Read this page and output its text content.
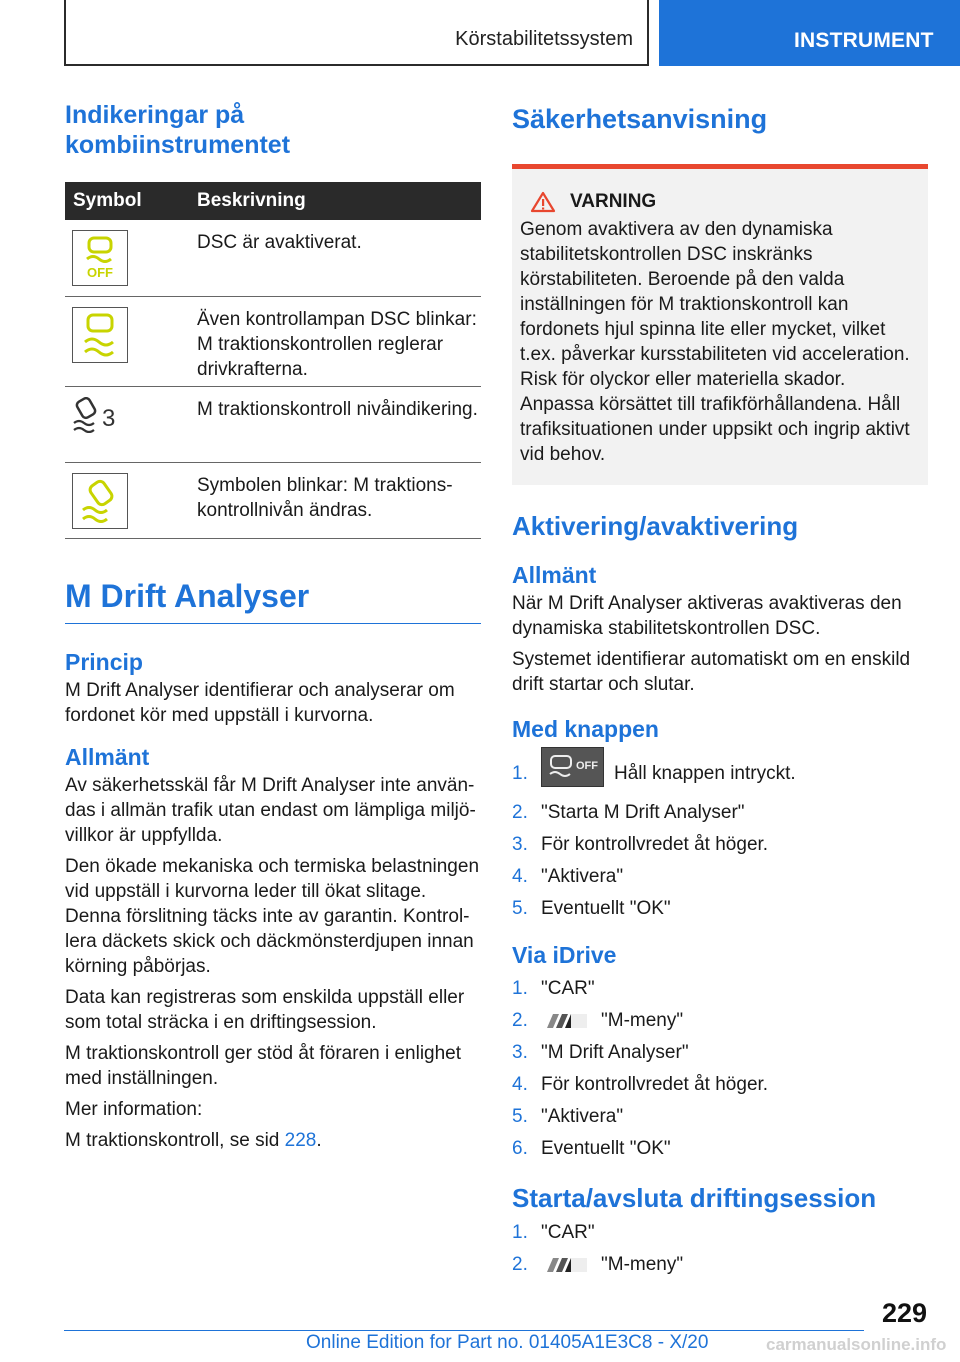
Körstabilitetssystem	INSTRUMENT
Indikeringar på kombiinstrumentet
Symbol	Beskrivning

OFF	DSC är avaktiverat.

	Även kontrollampan DSC blinkar: M traktionskontrollen reglerar drivkrafterna.

3	M traktionskontroll nivåindikering.

	Symbolen blinkar: M traktionskontrollnivån ändras.
M Drift Analyser
Princip

M Drift Analyser identifierar och analyserar om fordonet kör med uppställ i kurvorna.

Allmänt

Av säkerhetsskäl får M Drift Analyser inte användas i allmän trafik utan endast om lämpliga miljövillkor är uppfyllda.

Den ökade mekaniska och termiska belastningen vid uppställ i kurvorna leder till ökat slitage. Denna förslitning täcks inte av garantin. Kontrollera däckets skick och däckmönsterdjupen innan körning påbörjas.

Data kan registreras som enskilda uppställ eller som total sträcka i en driftingsession.

M traktionskontroll ger stöd åt föraren i enlighet med inställningen.

Mer information:

M traktionskontroll, se sid 228.

Säkerhetsanvisning
VARNING

Genom avaktivera av den dynamiska stabilitetskontrollen DSC inskränks körstabiliteten. Beroende på den valda inställningen för M traktionskontroll kan fordonets hjul spinna lite eller mycket, vilket t.ex. påverkar kursstabiliteten vid acceleration. Risk för olyckor eller materiella skador. Anpassa körsättet till trafikförhållandena. Håll trafiksituationen under uppsikt och ingrip aktivt vid behov.

Aktivering/avaktivering
Allmänt

När M Drift Analyser aktiveras avaktiveras den dynamiska stabilitetskontrollen DSC.

Systemet identifierar automatiskt om en enskild drift startar och slutar.

Med knappen
1.	OFF Håll knappen intryckt.
2. "Starta M Drift Analyser"
3. För kontrollvredet åt höger.
4. "Aktivera"
5. Eventuellt "OK"
Via iDrive
1. "CAR"
2.	"M-meny"
3. "M Drift Analyser"
4. För kontrollvredet åt höger.
5. "Aktivera"
6. Eventuellt "OK"
Starta/avsluta driftingsession
1. "CAR"
2.	"M-meny"
229
Online Edition for Part no. 01405A1E3C8 - X/20	carmanualsonline.info
